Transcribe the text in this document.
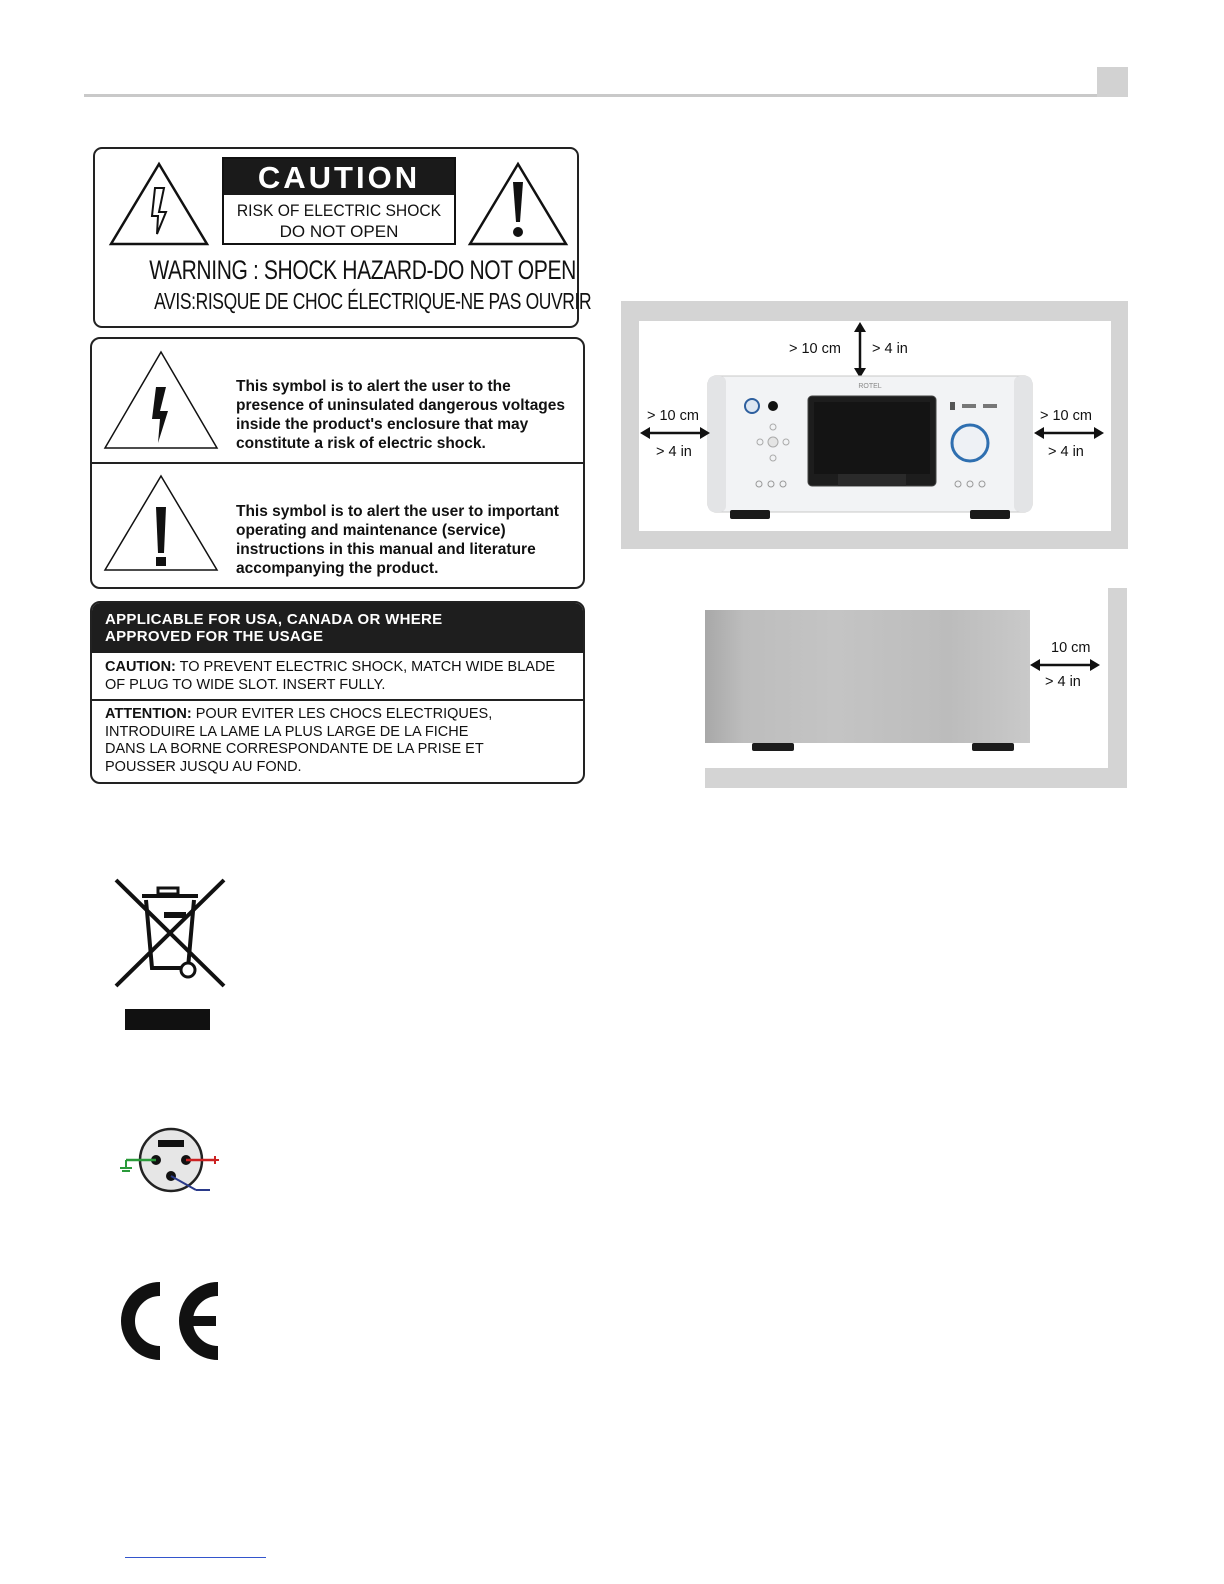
CAUTION
RISK OF ELECTRIC SHOCK
DO NOT OPEN
WARNING : SHOCK HAZARD-DO NOT OPEN
AVIS:RISQUE DE CHOC ÉLECTRIQUE-NE PAS OUVRIR
This symbol is to alert the user to the presence of uninsulated dangerous voltages inside the product's enclosure that may constitute a risk of electric shock.
This symbol is to alert the user to important operating and maintenance (service) instructions in this manual and literature accompanying the product.
APPLICABLE FOR USA, CANADA OR WHERE
APPROVED FOR THE USAGE
CAUTION: TO PREVENT ELECTRIC SHOCK, MATCH WIDE BLADE
OF PLUG TO WIDE SLOT. INSERT FULLY.
ATTENTION: POUR EVITER LES CHOCS ELECTRIQUES,
INTRODUIRE LA LAME LA PLUS LARGE DE LA FICHE
DANS LA BORNE CORRESPONDANTE DE LA PRISE ET
POUSSER JUSQU AU FOND.
ROTEL
> 10 cm > 4 in
> 10 cm
> 4 in
> 10 cm
> 4 in
10 cm
> 4 in
